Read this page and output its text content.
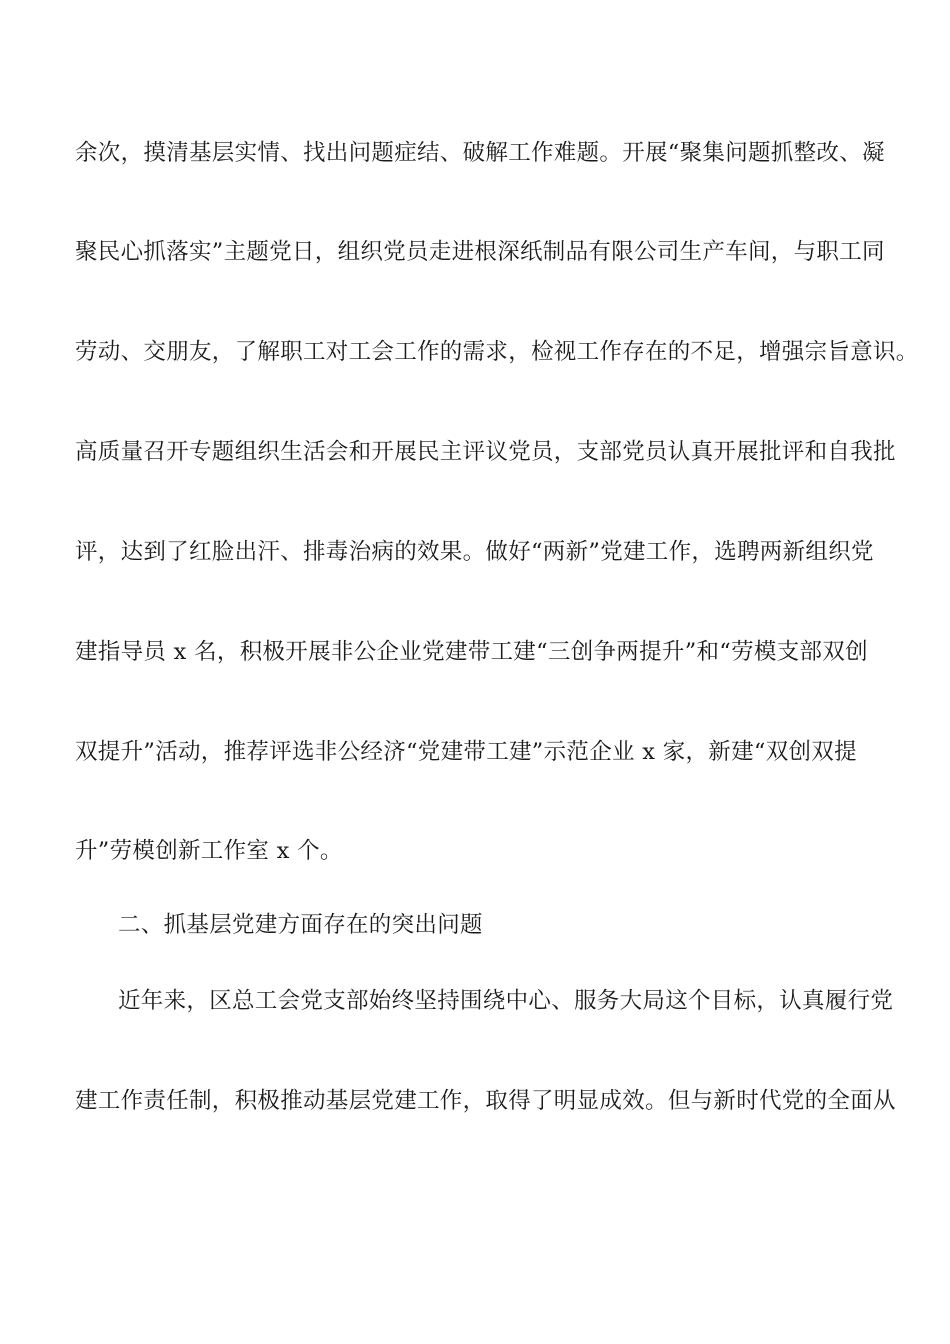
余次，摸清基层实情、找出问题症结、破解工作难题。开展“聚集问题抓整改、凝
聚民心抓落实”主题党日，组织党员走进根深纸制品有限公司生产车间，与职工同
劳动、交朋友，了解职工对工会工作的需求，检视工作存在的不足，增强宗旨意识。
高质量召开专题组织生活会和开展民主评议党员，支部党员认真开展批评和自我批
评，达到了红脸出汗、排毒治病的效果。做好“两新”党建工作，选聘两新组织党
建指导员 x 名，积极开展非公企业党建带工建“三创争两提升”和“劳模支部双创
双提升”活动，推荐评选非公经济“党建带工建”示范企业 x 家，新建“双创双提
升”劳模创新工作室 x 个。
二、抓基层党建方面存在的突出问题
近年来，区总工会党支部始终坚持围绕中心、服务大局这个目标，认真履行党
建工作责任制，积极推动基层党建工作，取得了明显成效。但与新时代党的全面从
